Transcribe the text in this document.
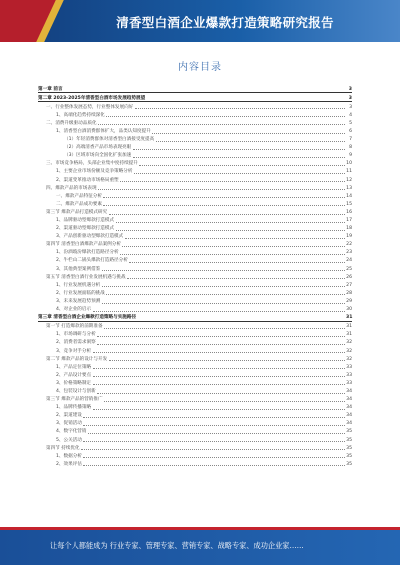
清香型白酒企业爆款打造策略研究报告
内容目录
第一章 前言	3
第二章 2023-2025年清香型白酒市场发展趋势展望	3
一、行业整体发展态势，行业整体发展向好	3
1、高端化趋势持续深化	4
二、消费升级驱动品质化	5
1、清香型白酒消费群体扩大，品类认知度提升	6
（1）年轻消费群体对清香型白酒接受度提高	7
（2）高端清香产品市场表现亮眼	8
（3）区域市场向全国化扩张加速	9
三、市场竞争格局，头部企业集中度持续提升	10
1、主要企业市场份额及竞争策略分析	11
2、渠道变革推动市场格局重塑	12
四、爆款产品的市场表现	13
一、爆款产品特征分析	14
二、爆款产品成功要素	15
第三节 爆款产品打造模式研究	16
1、品牌驱动型爆款打造模式	17
2、渠道驱动型爆款打造模式	18
3、产品创新驱动型爆款打造模式	19
第四节 清香型白酒爆款产品案例分析	22
1、汾酒玻汾爆款打造路径分析	23
2、牛栏山二锅头爆款打造路径分析	24
3、其他典型案例借鉴	25
第五节 清香型白酒行业发展机遇与挑战	26
1、行业发展机遇分析	27
2、行业发展面临的挑战	28
3、未来发展趋势预测	29
4、对企业的启示	30
第三章 清香型白酒企业爆款打造策略与实施路径	31
第一节 打造爆款的前期准备	31
1、市场调研与分析	31
2、消费者需求洞察	32
3、竞争对手分析	32
第二节 爆款产品的设计与开发	32
1、产品定位策略	33
2、产品设计要点	33
3、价格策略制定	33
4、包装设计与创新	34
第三节 爆款产品的营销推广	34
1、品牌传播策略	34
2、渠道建设	34
3、促销活动	34
4、数字化营销	35
5、公关活动	35
第四节 持续优化	35
1、数据分析	35
2、效果评估	35
让每个人都能成为 行业专家、管理专家、营销专家、战略专家、成功企业家……
